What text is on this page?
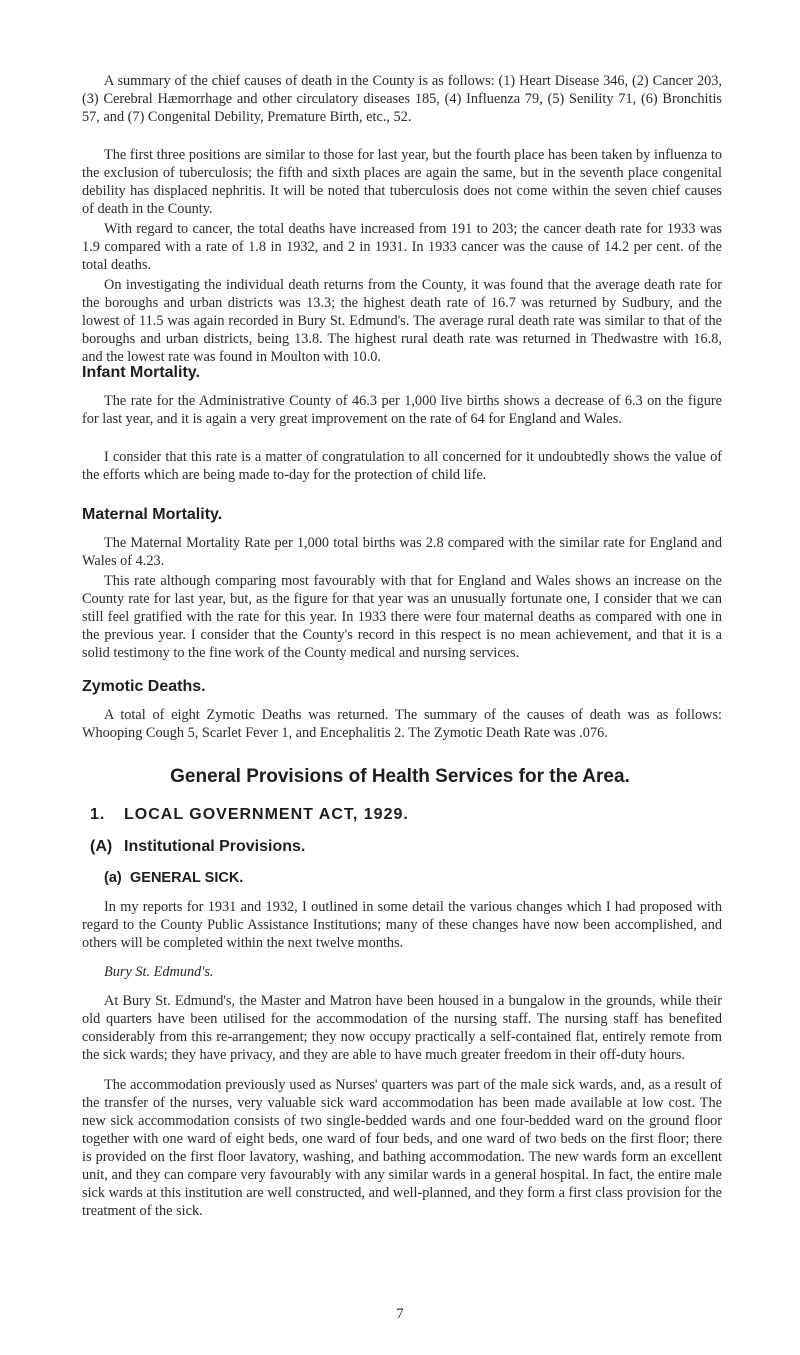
A summary of the chief causes of death in the County is as follows: (1) Heart Disease 346, (2) Cancer 203, (3) Cerebral Hæmorrhage and other circulatory diseases 185, (4) Influenza 79, (5) Senility 71, (6) Bronchitis 57, and (7) Congenital Debility, Premature Birth, etc., 52.

The first three positions are similar to those for last year, but the fourth place has been taken by influenza to the exclusion of tuberculosis; the fifth and sixth places are again the same, but in the seventh place congenital debility has displaced nephritis. It will be noted that tuberculosis does not come within the seven chief causes of death in the County.

With regard to cancer, the total deaths have increased from 191 to 203; the cancer death rate for 1933 was 1.9 compared with a rate of 1.8 in 1932, and 2 in 1931. In 1933 cancer was the cause of 14.2 per cent. of the total deaths.

On investigating the individual death returns from the County, it was found that the average death rate for the boroughs and urban districts was 13.3; the highest death rate of 16.7 was returned by Sudbury, and the lowest of 11.5 was again recorded in Bury St. Edmund's. The average rural death rate was similar to that of the boroughs and urban districts, being 13.8. The highest rural death rate was returned in Thedwastre with 16.8, and the lowest rate was found in Moulton with 10.0.

Infant Mortality.

The rate for the Administrative County of 46.3 per 1,000 live births shows a decrease of 6.3 on the figure for last year, and it is again a very great improvement on the rate of 64 for England and Wales.

I consider that this rate is a matter of congratulation to all concerned for it undoubtedly shows the value of the efforts which are being made to-day for the protection of child life.

Maternal Mortality.

The Maternal Mortality Rate per 1,000 total births was 2.8 compared with the similar rate for England and Wales of 4.23.

This rate although comparing most favourably with that for England and Wales shows an increase on the County rate for last year, but, as the figure for that year was an unusually fortunate one, I consider that we can still feel gratified with the rate for this year. In 1933 there were four maternal deaths as compared with one in the previous year. I consider that the County's record in this respect is no mean achievement, and that it is a solid testimony to the fine work of the County medical and nursing services.

Zymotic Deaths.

A total of eight Zymotic Deaths was returned. The summary of the causes of death was as follows: Whooping Cough 5, Scarlet Fever 1, and Encephalitis 2. The Zymotic Death Rate was .076.

General Provisions of Health Services for the Area.
1. LOCAL GOVERNMENT ACT, 1929.
(A) Institutional Provisions.
(a) GENERAL SICK.

In my reports for 1931 and 1932, I outlined in some detail the various changes which I had proposed with regard to the County Public Assistance Institutions; many of these changes have now been accomplished, and others will be completed within the next twelve months.

Bury St. Edmund's.

At Bury St. Edmund's, the Master and Matron have been housed in a bungalow in the grounds, while their old quarters have been utilised for the accommodation of the nursing staff. The nursing staff has benefited considerably from this re-arrangement; they now occupy practically a self-contained flat, entirely remote from the sick wards; they have privacy, and they are able to have much greater freedom in their off-duty hours.

The accommodation previously used as Nurses' quarters was part of the male sick wards, and, as a result of the transfer of the nurses, very valuable sick ward accommodation has been made available at low cost. The new sick accommodation consists of two single-bedded wards and one four-bedded ward on the ground floor together with one ward of eight beds, one ward of four beds, and one ward of two beds on the first floor; there is provided on the first floor lavatory, washing, and bathing accommodation. The new wards form an excellent unit, and they can compare very favourably with any similar wards in a general hospital. In fact, the entire male sick wards at this institution are well constructed, and well-planned, and they form a first class provision for the treatment of the sick.

7
